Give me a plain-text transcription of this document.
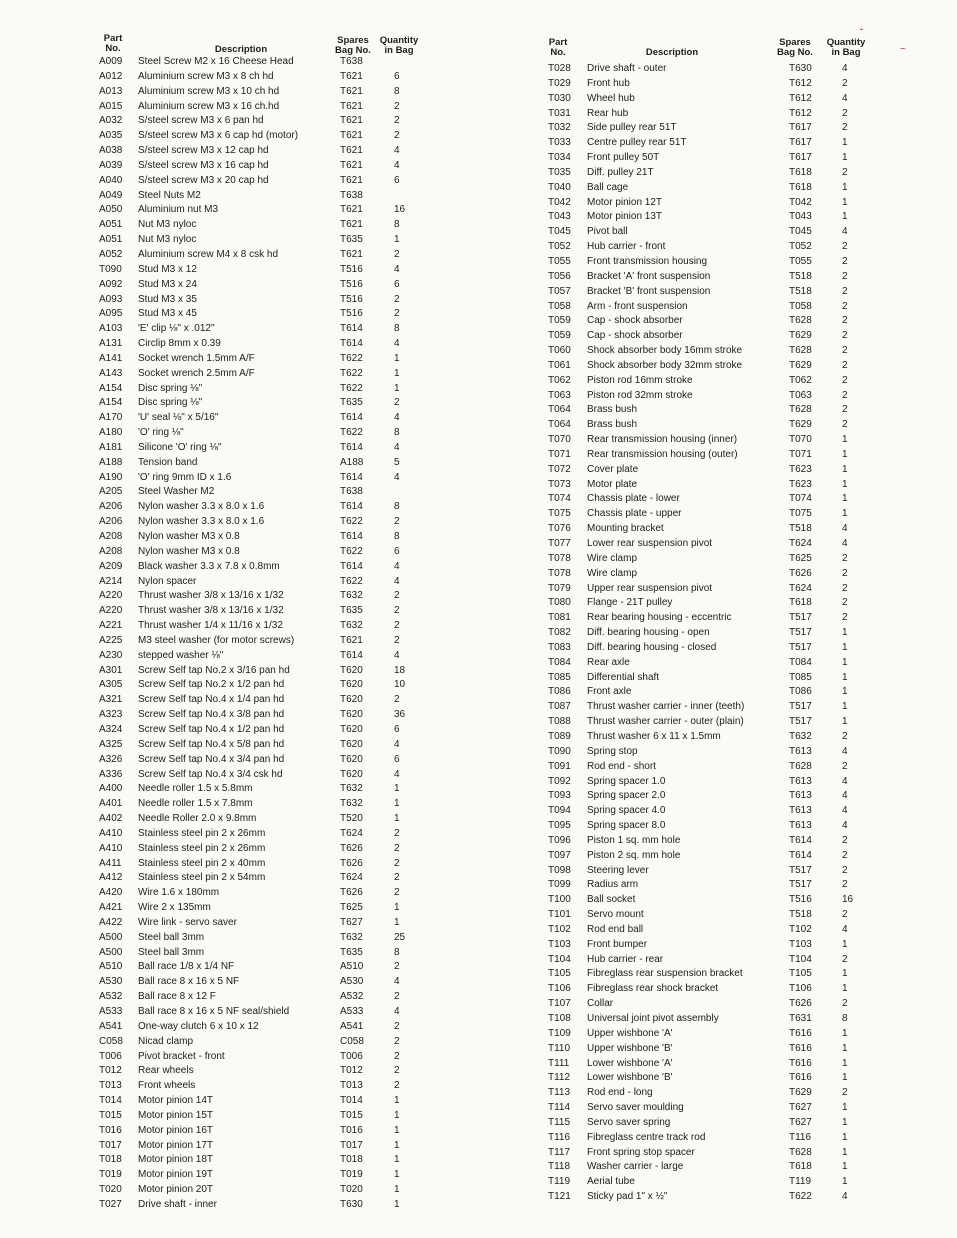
Part
No.	Description
Spares
Bag No.
Quantity
in Bag
A009 Steel Screw M2 x 16 Cheese Head	T638
A012 Aluminium screw M3 x 8 ch hd	T621	6
A013 Aluminium screw M3 x 10 ch hd	T621	8
A015 Aluminium screw M3 x 16 ch.hd	T621	2
A032 S/steel screw M3 x 6 pan hd	T621	2
A035 S/steel screw M3 x 6 cap hd (motor)	T621	2
A038 S/steel screw M3 x 12 cap hd	T621	4
A039 S/steel screw M3 x 16 cap hd	T621	4
A040 S/steel screw M3 x 20 cap hd	T621	6
A049 Steel Nuts M2	T638
A050 Aluminium nut M3	T621	16
A051 Nut M3 nyloc	T621	8
A051 Nut M3 nyloc	T635	1
A052 Aluminium screw M4 x 8 csk hd	T621	2
T090 Stud M3 x 12	T516	4
A092 Stud M3 x 24	T516	6
A093 Stud M3 x 35	T516	2
A095 Stud M3 x 45	T516	2
A103 'E' clip ⅛" x .012"	T614	8
A131 Circlip 8mm x 0.39	T614	4
A141 Socket wrench 1.5mm A/F	T622	1
A143 Socket wrench 2.5mm A/F	T622	1
A154 Disc spring ⅛"	T622	1
A154 Disc spring ⅛"	T635	2
A170 'U' seal ⅛" x 5/16"	T614	4
A180 'O' ring ⅛"	T622	8
A181 Silicone 'O' ring ⅛"	T614	4
A188 Tension band	A188	5
A190 'O' ring 9mm ID x 1.6	T614	4
A205 Steel Washer M2	T638
A206 Nylon washer 3.3 x 8.0 x 1.6	T614	8
A206 Nylon washer 3.3 x 8.0 x 1.6	T622	2
A208 Nylon washer M3 x 0.8	T614	8
A208 Nylon washer M3 x 0.8	T622	6
A209 Black washer 3.3 x 7.8 x 0.8mm	T614	4
A214 Nylon spacer	T622	4
A220 Thrust washer 3/8 x 13/16 x 1/32	T632	2
A220 Thrust washer 3/8 x 13/16 x 1/32	T635	2
A221 Thrust washer 1/4 x 11/16 x 1/32	T632	2
A225 M3 steel washer (for motor screws)	T621	2
A230 stepped washer ⅛"	T614	4
A301 Screw Self tap No.2 x 3/16 pan hd	T620	18
A305 Screw Self tap No.2 x 1/2 pan hd	T620	10
A321 Screw Self tap No.4 x 1/4 pan hd	T620	2
A323 Screw Self tap No.4 x 3/8 pan hd	T620	36
A324 Screw Self tap No.4 x 1/2 pan hd	T620	6
A325 Screw Self tap No.4 x 5/8 pan hd	T620	4
A326 Screw Self tap No.4 x 3/4 pan hd	T620	6
A336 Screw Self tap No.4 x 3/4 csk hd	T620	4
A400 Needle roller 1.5 x 5.8mm	T632	1
A401 Needle roller 1.5 x 7.8mm	T632	1
A402 Needle Roller 2.0 x 9.8mm	T520	1
A410 Stainless steel pin 2 x 26mm	T624	2
A410 Stainless steel pin 2 x 26mm	T626	2
A411 Stainless steel pin 2 x 40mm	T626	2
A412 Stainless steel pin 2 x 54mm	T624	2
A420 Wire 1.6 x 180mm	T626	2
A421 Wire 2 x 135mm	T625	1
A422 Wire link - servo saver	T627	1
A500 Steel ball 3mm	T632	25
A500 Steel ball 3mm	T635	8
A510 Ball race 1/8 x 1/4 NF	A510	2
A530 Ball race 8 x 16 x 5 NF	A530	4
A532 Ball race 8 x 12 F	A532	2
A533 Ball race 8 x 16 x 5 NF seal/shield	A533	4
A541 One-way clutch 6 x 10 x 12	A541	2
C058 Nicad clamp	C058	2
T006 Pivot bracket - front	T006	2
T012 Rear wheels	T012	2
T013 Front wheels	T013	2
T014 Motor pinion 14T	T014	1
T015 Motor pinion 15T	T015	1
T016 Motor pinion 16T	T016	1
T017 Motor pinion 17T	T017	1
T018 Motor pinion 18T	T018	1
T019 Motor pinion 19T	T019	1
T020 Motor pinion 20T	T020	1
T027 Drive shaft - inner	T630	1
Part
No.	Description
Spares
Bag No.
Quantity
in Bag
T028 Drive shaft - outer	T630	4
T029 Front hub	T612	2
T030 Wheel hub	T612	4
T031 Rear hub	T612	2
T032 Side pulley rear 51T	T617	2
T033 Centre pulley rear 51T	T617	1
T034 Front pulley 50T	T617	1
T035 Diff. pulley 21T	T618	2
T040 Ball cage	T618	1
T042 Motor pinion 12T	T042	1
T043 Motor pinion 13T	T043	1
T045 Pivot ball	T045	4
T052 Hub carrier - front	T052	2
T055 Front transmission housing	T055	2
T056 Bracket 'A' front suspension	T518	2
T057 Bracket 'B' front suspension	T518	2
T058 Arm - front suspension	T058	2
T059 Cap - shock absorber	T628	2
T059 Cap - shock absorber	T629	2
T060 Shock absorber body 16mm stroke	T628	2
T061 Shock absorber body 32mm stroke	T629	2
T062 Piston rod 16mm stroke	T062	2
T063 Piston rod 32mm stroke	T063	2
T064 Brass bush	T628	2
T064 Brass bush	T629	2
T070 Rear transmission housing (inner)	T070	1
T071 Rear transmission housing (outer)	T071	1
T072 Cover plate	T623	1
T073 Motor plate	T623	1
T074 Chassis plate - lower	T074	1
T075 Chassis plate - upper	T075	1
T076 Mounting bracket	T518	4
T077 Lower rear suspension pivot	T624	4
T078 Wire clamp	T625	2
T078 Wire clamp	T626	2
T079 Upper rear suspension pivot	T624	2
T080 Flange - 21T pulley	T618	2
T081 Rear bearing housing - eccentric	T517	2
T082 Diff. bearing housing - open	T517	1
T083 Diff. bearing housing - closed	T517	1
T084 Rear axle	T084	1
T085 Differential shaft	T085	1
T086 Front axle	T086	1
T087 Thrust washer carrier - inner (teeth)	T517	1
T088 Thrust washer carrier - outer (plain)	T517	1
T089 Thrust washer 6 x 11 x 1.5mm	T632	2
T090 Spring stop	T613	4
T091 Rod end - short	T628	2
T092 Spring spacer 1.0	T613	4
T093 Spring spacer 2.0	T613	4
T094 Spring spacer 4.0	T613	4
T095 Spring spacer 8.0	T613	4
T096 Piston 1 sq. mm hole	T614	2
T097 Piston 2 sq. mm hole	T614	2
T098 Steering lever	T517	2
T099 Radius arm	T517	2
T100 Ball socket	T516	16
T101 Servo mount	T518	2
T102 Rod end ball	T102	4
T103 Front bumper	T103	1
T104 Hub carrier - rear	T104	2
T105 Fibreglass rear suspension bracket	T105	1
T106 Fibreglass rear shock bracket	T106	1
T107 Collar	T626	2
T108 Universal joint pivot assembly	T631	8
T109 Upper wishbone 'A'	T616	1
T110 Upper wishbone 'B'	T616	1
T111 Lower wishbone 'A'	T616	1
T112 Lower wishbone 'B'	T616	1
T113 Rod end - long	T629	2
T114 Servo saver moulding	T627	1
T115 Servo saver spring	T627	1
T116 Fibreglass centre track rod	T116	1
T117 Front spring stop spacer	T628	1
T118 Washer carrier - large	T618	1
T119 Aerial tube	T119	1
T121 Sticky pad 1" x ½"	T622	4
˘
~
